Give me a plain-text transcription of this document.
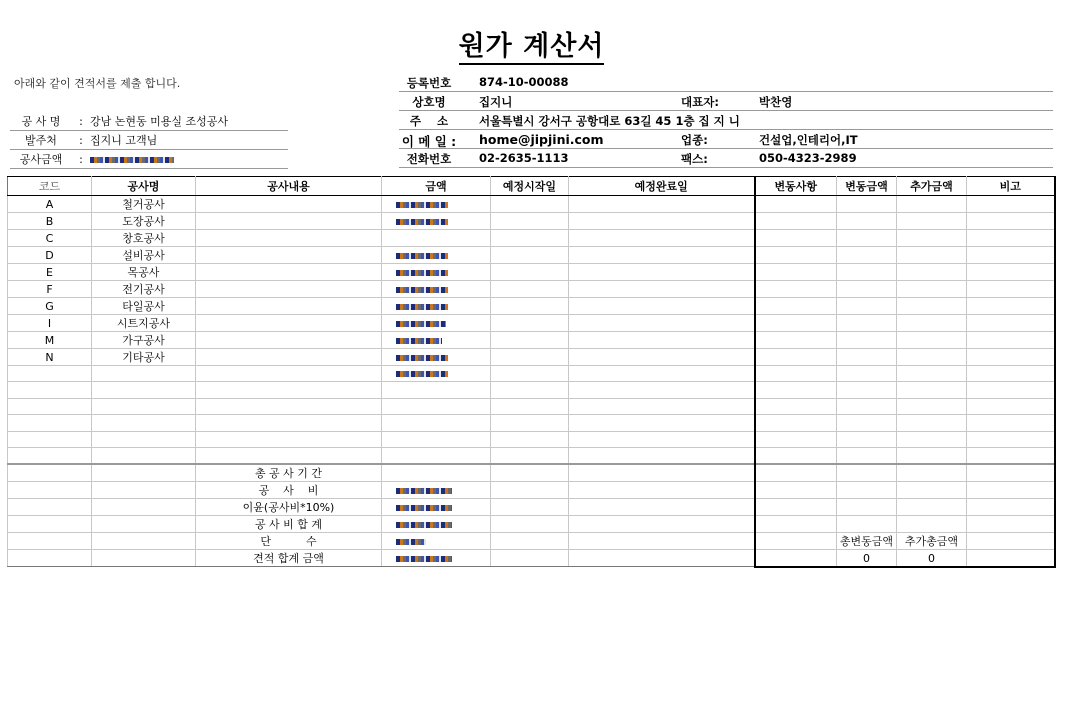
원가 계산서
아래와 같이 견적서를 제출 합니다.
공 사 명	: 강남 논현동 미용실 조성공사
발주처	: 집지니 고객님
공사금액	:
등록번호	874-10-00088
상호명	집지니	대표자:	박찬영
주    소	서울특별시 강서구 공항대로 63길 45 1층 집 지 니
이 메 일 : home@jipjini.com	업종:	건설업,인테리어,IT
전화번호	02-2635-1113	팩스:	050-4323-2989
코드	공사명	공사내용	금액	예정시작일	예정완료일	변동사항	변동금액	추가금액	비고
A	철거공사								
B	도장공사								
C	창호공사								
D	설비공사								
E	목공사								
F	전기공사								
G	타일공사								
I	시트지공사								
M	가구공사								
N	기타공사								

		총 공 사 기 간							
		공    사    비							
		이윤(공사비*10%)							
		공 사 비 합 계							
		단          수					총변동금액	추가총금액	
		견적 합계 금액					0	0	
